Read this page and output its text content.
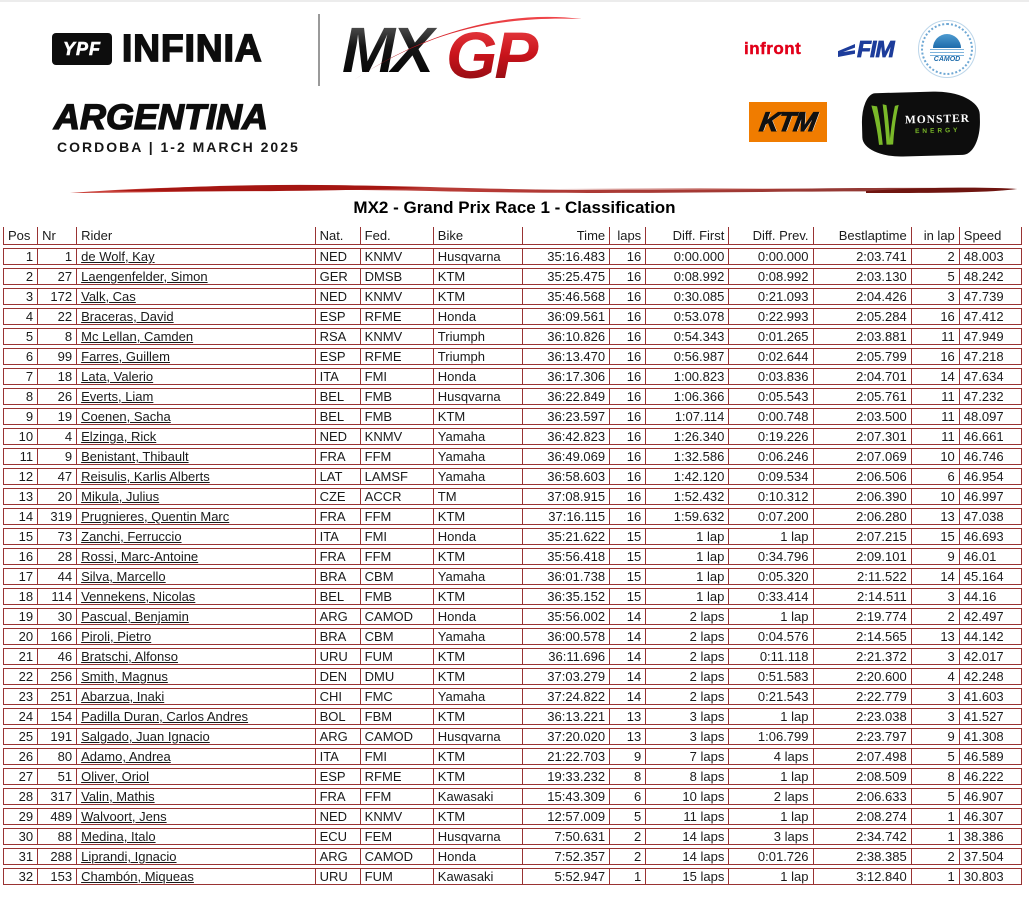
YPF INFINIA MX GP	infront FIM	CAMOD
KTM	MONSTER
ENERGY
ARGENTINA
CORDOBA | 1-2 MARCH 2025
MX2 - Grand Prix Race 1 - Classification
Pos	Nr	Rider	Nat.	Fed.	Bike	Time	laps	Diff. First	Diff. Prev.	Bestlaptime	in lap	Speed
1	1	de Wolf, Kay	NED	KNMV	Husqvarna	35:16.483	16	0:00.000	0:00.000	2:03.741	2	48.003
2	27	Laengenfelder, Simon	GER	DMSB	KTM	35:25.475	16	0:08.992	0:08.992	2:03.130	5	48.242
3	172	Valk, Cas	NED	KNMV	KTM	35:46.568	16	0:30.085	0:21.093	2:04.426	3	47.739
4	22	Braceras, David	ESP	RFME	Honda	36:09.561	16	0:53.078	0:22.993	2:05.284	16	47.412
5	8	Mc Lellan, Camden	RSA	KNMV	Triumph	36:10.826	16	0:54.343	0:01.265	2:03.881	11	47.949
6	99	Farres, Guillem	ESP	RFME	Triumph	36:13.470	16	0:56.987	0:02.644	2:05.799	16	47.218
7	18	Lata, Valerio	ITA	FMI	Honda	36:17.306	16	1:00.823	0:03.836	2:04.701	14	47.634
8	26	Everts, Liam	BEL	FMB	Husqvarna	36:22.849	16	1:06.366	0:05.543	2:05.761	11	47.232
9	19	Coenen, Sacha	BEL	FMB	KTM	36:23.597	16	1:07.114	0:00.748	2:03.500	11	48.097
10	4	Elzinga, Rick	NED	KNMV	Yamaha	36:42.823	16	1:26.340	0:19.226	2:07.301	11	46.661
11	9	Benistant, Thibault	FRA	FFM	Yamaha	36:49.069	16	1:32.586	0:06.246	2:07.069	10	46.746
12	47	Reisulis, Karlis Alberts	LAT	LAMSF	Yamaha	36:58.603	16	1:42.120	0:09.534	2:06.506	6	46.954
13	20	Mikula, Julius	CZE	ACCR	TM	37:08.915	16	1:52.432	0:10.312	2:06.390	10	46.997
14	319	Prugnieres, Quentin Marc	FRA	FFM	KTM	37:16.115	16	1:59.632	0:07.200	2:06.280	13	47.038
15	73	Zanchi, Ferruccio	ITA	FMI	Honda	35:21.622	15	1 lap	1 lap	2:07.215	15	46.693
16	28	Rossi, Marc-Antoine	FRA	FFM	KTM	35:56.418	15	1 lap	0:34.796	2:09.101	9	46.01
17	44	Silva, Marcello	BRA	CBM	Yamaha	36:01.738	15	1 lap	0:05.320	2:11.522	14	45.164
18	114	Vennekens, Nicolas	BEL	FMB	KTM	36:35.152	15	1 lap	0:33.414	2:14.511	3	44.16
19	30	Pascual, Benjamin	ARG	CAMOD	Honda	35:56.002	14	2 laps	1 lap	2:19.774	2	42.497
20	166	Piroli, Pietro	BRA	CBM	Yamaha	36:00.578	14	2 laps	0:04.576	2:14.565	13	44.142
21	46	Bratschi, Alfonso	URU	FUM	KTM	36:11.696	14	2 laps	0:11.118	2:21.372	3	42.017
22	256	Smith, Magnus	DEN	DMU	KTM	37:03.279	14	2 laps	0:51.583	2:20.600	4	42.248
23	251	Abarzua, Inaki	CHI	FMC	Yamaha	37:24.822	14	2 laps	0:21.543	2:22.779	3	41.603
24	154	Padilla Duran, Carlos Andres	BOL	FBM	KTM	36:13.221	13	3 laps	1 lap	2:23.038	3	41.527
25	191	Salgado, Juan Ignacio	ARG	CAMOD	Husqvarna	37:20.020	13	3 laps	1:06.799	2:23.797	9	41.308
26	80	Adamo, Andrea	ITA	FMI	KTM	21:22.703	9	7 laps	4 laps	2:07.498	5	46.589
27	51	Oliver, Oriol	ESP	RFME	KTM	19:33.232	8	8 laps	1 lap	2:08.509	8	46.222
28	317	Valin, Mathis	FRA	FFM	Kawasaki	15:43.309	6	10 laps	2 laps	2:06.633	5	46.907
29	489	Walvoort, Jens	NED	KNMV	KTM	12:57.009	5	11 laps	1 lap	2:08.274	1	46.307
30	88	Medina, Italo	ECU	FEM	Husqvarna	7:50.631	2	14 laps	3 laps	2:34.742	1	38.386
31	288	Liprandi, Ignacio	ARG	CAMOD	Honda	7:52.357	2	14 laps	0:01.726	2:38.385	2	37.504
32	153	Chambón, Miqueas	URU	FUM	Kawasaki	5:52.947	1	15 laps	1 lap	3:12.840	1	30.803
